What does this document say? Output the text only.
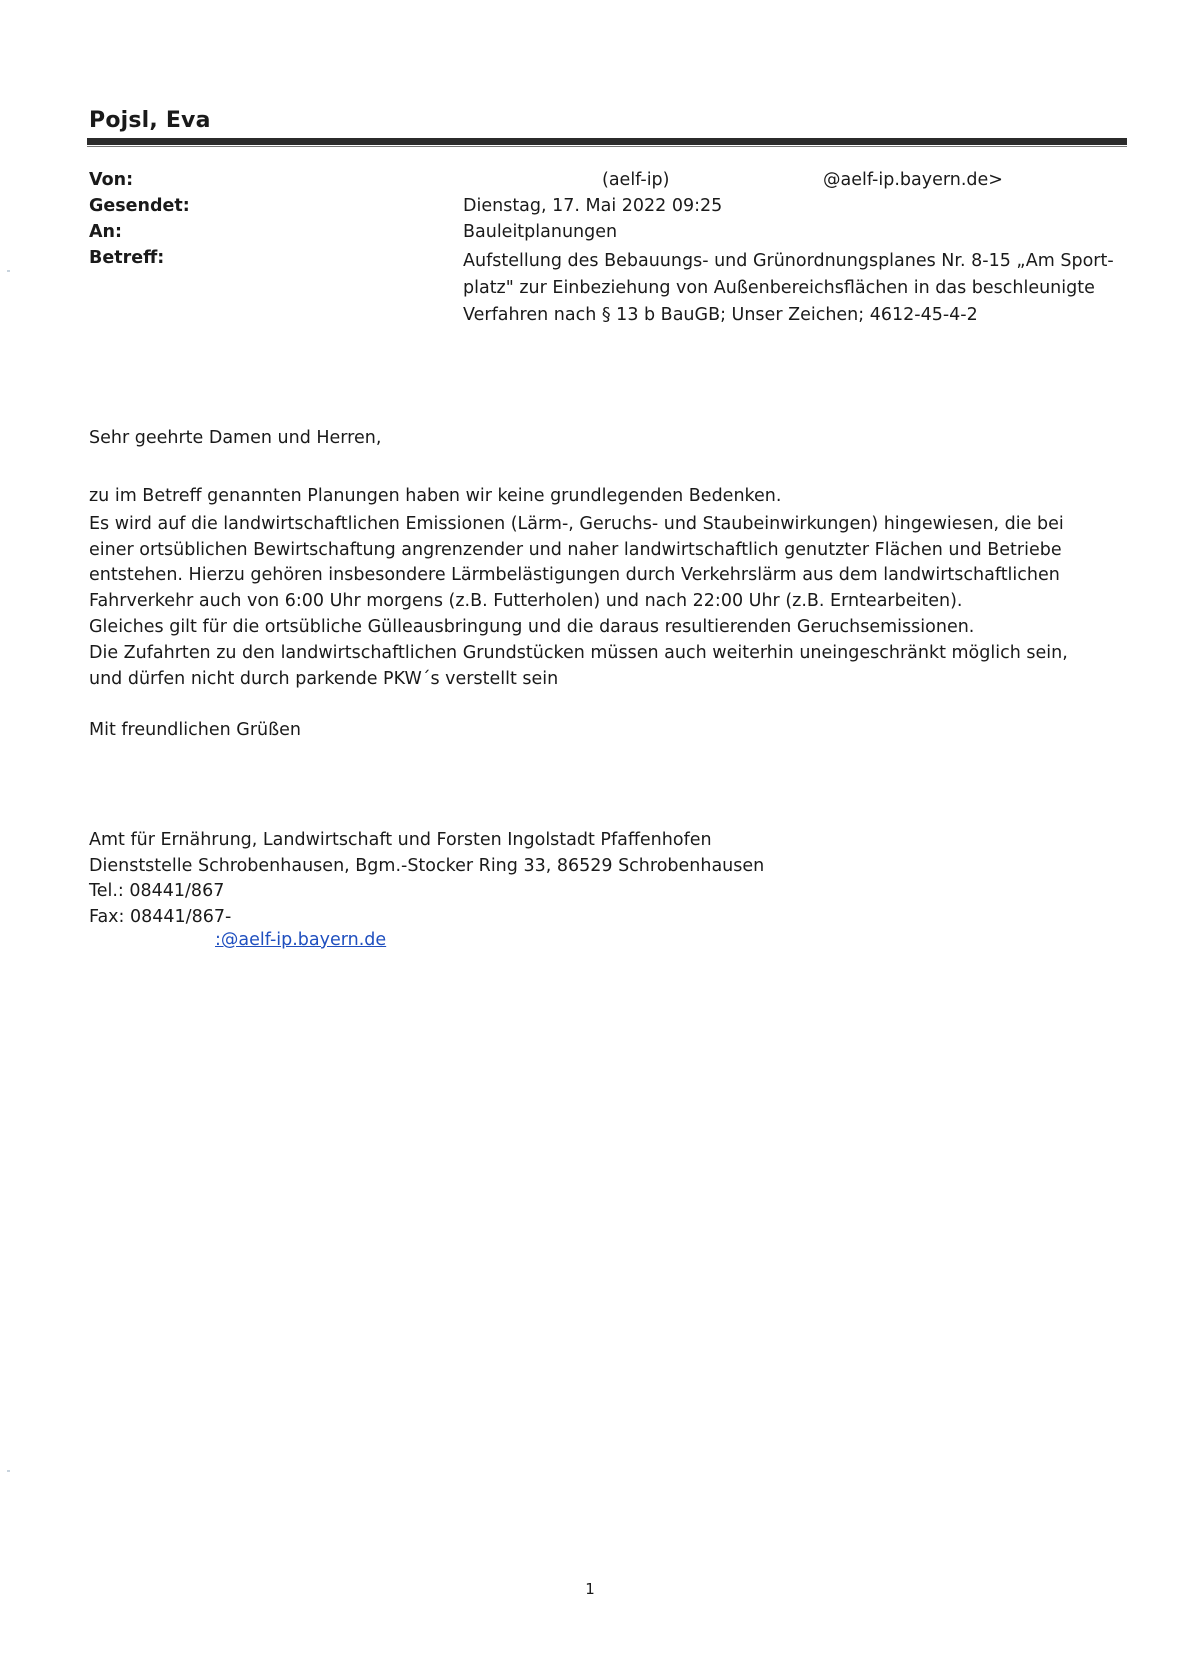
Pojsl, Eva
Von:	(aelf-ip)	@aelf-ip.bayern.de>
Gesendet:	Dienstag, 17. Mai 2022 09:25
An:	Bauleitplanungen
Betreff:	Aufstellung des Bebauungs- und Grünordnungsplanes Nr. 8-15 „Am Sport-
platz" zur Einbeziehung von Außenbereichsflächen in das beschleunigte
Verfahren nach § 13 b BauGB; Unser Zeichen; 4612-45-4-2
Sehr geehrte Damen und Herren,
zu im Betreff genannten Planungen haben wir keine grundlegenden Bedenken.
Es wird auf die landwirtschaftlichen Emissionen (Lärm-, Geruchs- und Staubeinwirkungen) hingewiesen, die bei
einer ortsüblichen Bewirtschaftung angrenzender und naher landwirtschaftlich genutzter Flächen und Betriebe
entstehen. Hierzu gehören insbesondere Lärmbelästigungen durch Verkehrslärm aus dem landwirtschaftlichen
Fahrverkehr auch von 6:00 Uhr morgens (z.B. Futterholen) und nach 22:00 Uhr (z.B. Erntearbeiten).
Gleiches gilt für die ortsübliche Gülleausbringung und die daraus resultierenden Geruchsemissionen.
Die Zufahrten zu den landwirtschaftlichen Grundstücken müssen auch weiterhin uneingeschränkt möglich sein,
und dürfen nicht durch parkende PKW´s verstellt sein
Mit freundlichen Grüßen
Amt für Ernährung, Landwirtschaft und Forsten Ingolstadt Pfaffenhofen
Dienststelle Schrobenhausen, Bgm.-Stocker Ring 33, 86529 Schrobenhausen
Tel.: 08441/867
Fax: 08441/867-
:@aelf-ip.bayern.de
1
